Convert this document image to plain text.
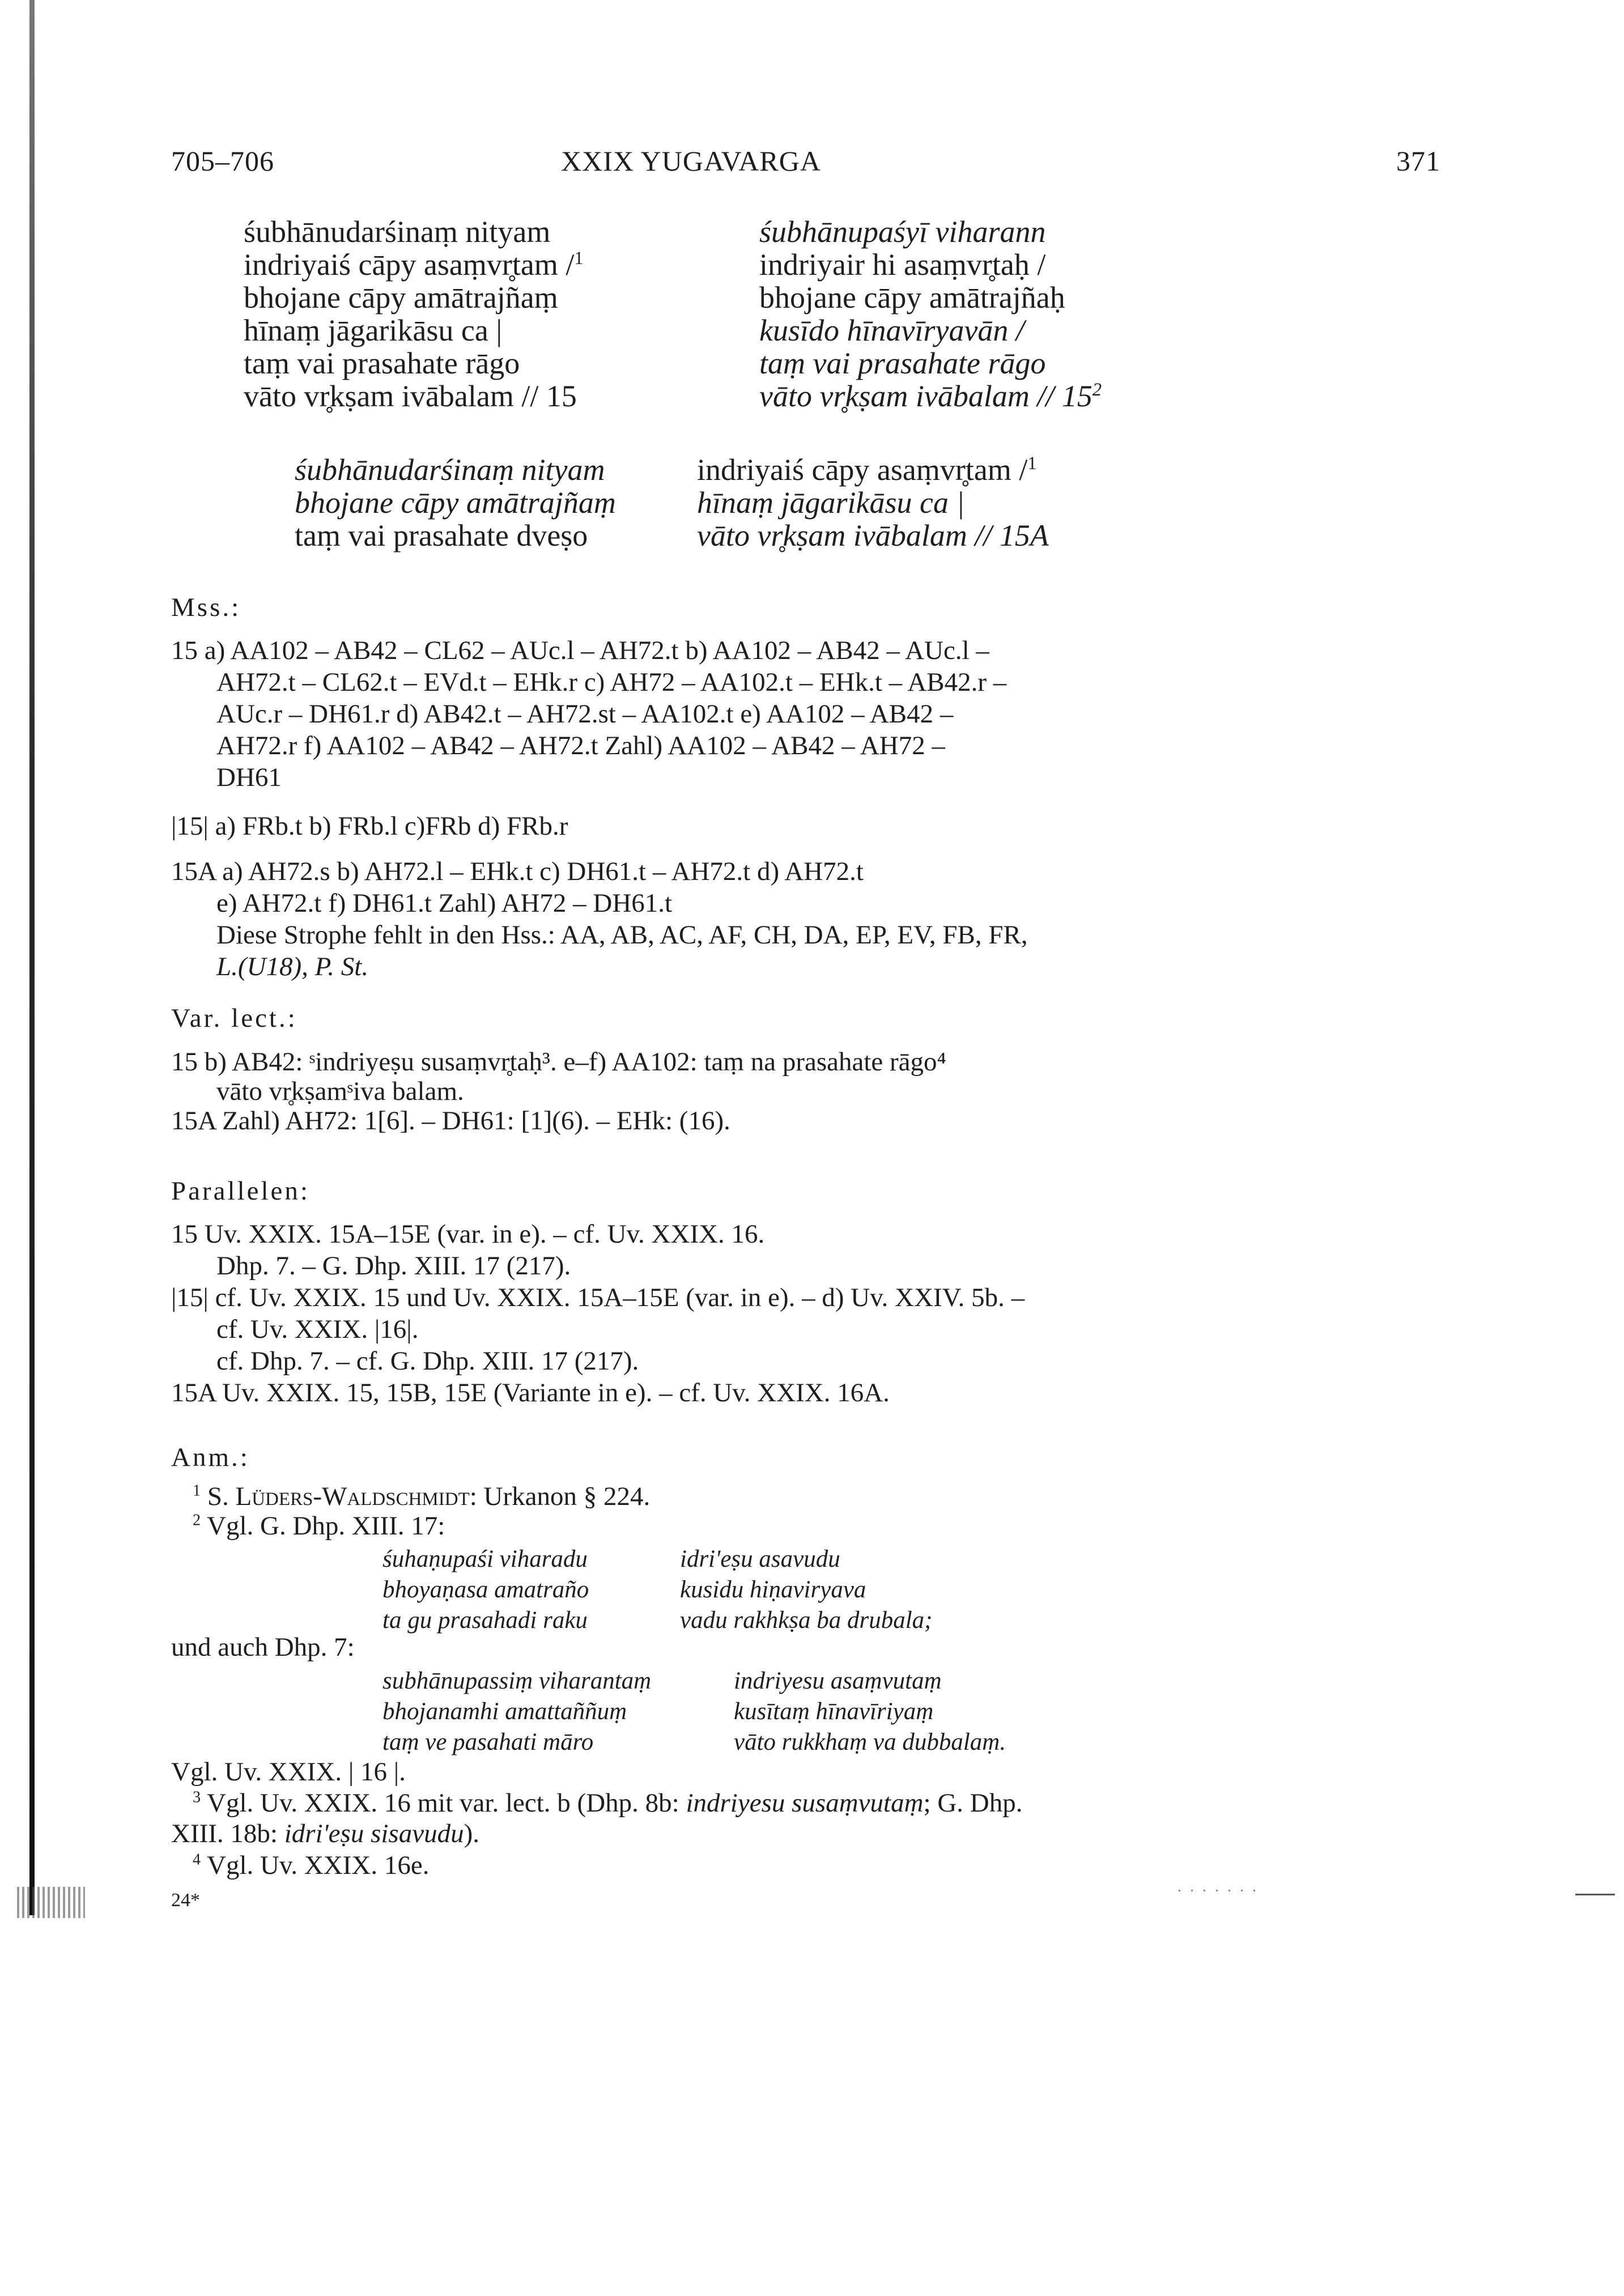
705–706	XXIX YUGAVARGA	371
śubhānudarśinaṃ nityam
indriyaiś cāpy asaṃvr̥tam /$^1$
bhojane cāpy amātrajñaṃ
hīnaṃ jāgarikāsu ca |
taṃ vai prasahate rāgo
vāto vr̥kṣam ivābalam // 15
śubhānupaśyī viharann
indriyair hi asaṃvr̥taḥ /
bhojane cāpy amātrajñaḥ
kusīdo hīnavīryavān /
taṃ vai prasahate rāgo
vāto vr̥kṣam ivābalam // $15^2$
śubhānudarśinaṃ nityam
bhojane cāpy amātrajñaṃ
taṃ vai prasahate dveṣo
indriyaiś cāpy asaṃvr̥tam /$^1$
hīnaṃ jāgarikāsu ca |
vāto vr̥kṣam ivābalam // 15A
Mss.:
15 a) AA102 – AB42 – CL62 – AUc.l – AH72.t b) AA102 – AB42 – AUc.l –
AH72.t – CL62.t – EVd.t – EHk.r c) AH72 – AA102.t – EHk.t – AB42.r –
AUc.r – DH61.r d) AB42.t – AH72.st – AA102.t e) AA102 – AB42 –
AH72.r f) AA102 – AB42 – AH72.t Zahl) AA102 – AB42 – AH72 –
DH61
|15| a) FRb.t b) FRb.l c)FRb d) FRb.r
15A a) AH72.s b) AH72.l – EHk.t c) DH61.t – AH72.t d) AH72.t
e) AH72.t f) DH61.t Zahl) AH72 – DH61.t
Diese Strophe fehlt in den Hss.: AA, AB, AC, AF, CH, DA, EP, EV, FB, FR,
L.(U18), P. St.
Var. lect.:
15 b) AB42: ˢindriyeṣu susaṃvr̥taḥ³. e–f) AA102: taṃ na prasahate rāgo⁴
vāto vr̥kṣamˢiva balam.
15A Zahl) AH72: 1[6]. – DH61: [1](6). – EHk: (16).
Parallelen:
15 Uv. XXIX. 15A–15E (var. in e). – cf. Uv. XXIX. 16.
Dhp. 7. – G. Dhp. XIII. 17 (217).
|15| cf. Uv. XXIX. 15 und Uv. XXIX. 15A–15E (var. in e). – d) Uv. XXIV. 5b. –
cf. Uv. XXIX. |16|.
cf. Dhp. 7. – cf. G. Dhp. XIII. 17 (217).
15A Uv. XXIX. 15, 15B, 15E (Variante in e). – cf. Uv. XXIX. 16A.
Anm.:
$^1$ S. Lüders-Waldschmidt: Urkanon § 224.
$^2$ Vgl. G. Dhp. XIII. 17:
śuhaṇupaśi viharadu
bhoyaṇasa amatraño
ta gu prasahadi raku
idri'eṣu asavudu
kusidu hiṇaviryava
vadu rakhkṣa ba drubala;
und auch Dhp. 7:
subhānupassiṃ viharantaṃ
bhojanamhi amattaññuṃ
taṃ ve pasahati māro
indriyesu asaṃvutaṃ
kusītaṃ hīnavīriyaṃ
vāto rukkhaṃ va dubbalaṃ.
Vgl. Uv. XXIX. | 16 |.
$^3$ Vgl. Uv. XXIX. 16 mit var. lect. b (Dhp. 8b: indriyesu susaṃvutaṃ; G. Dhp.
XIII. 18b: idri'eṣu sisavudu).
$^4$ Vgl. Uv. XXIX. 16e.
24*
